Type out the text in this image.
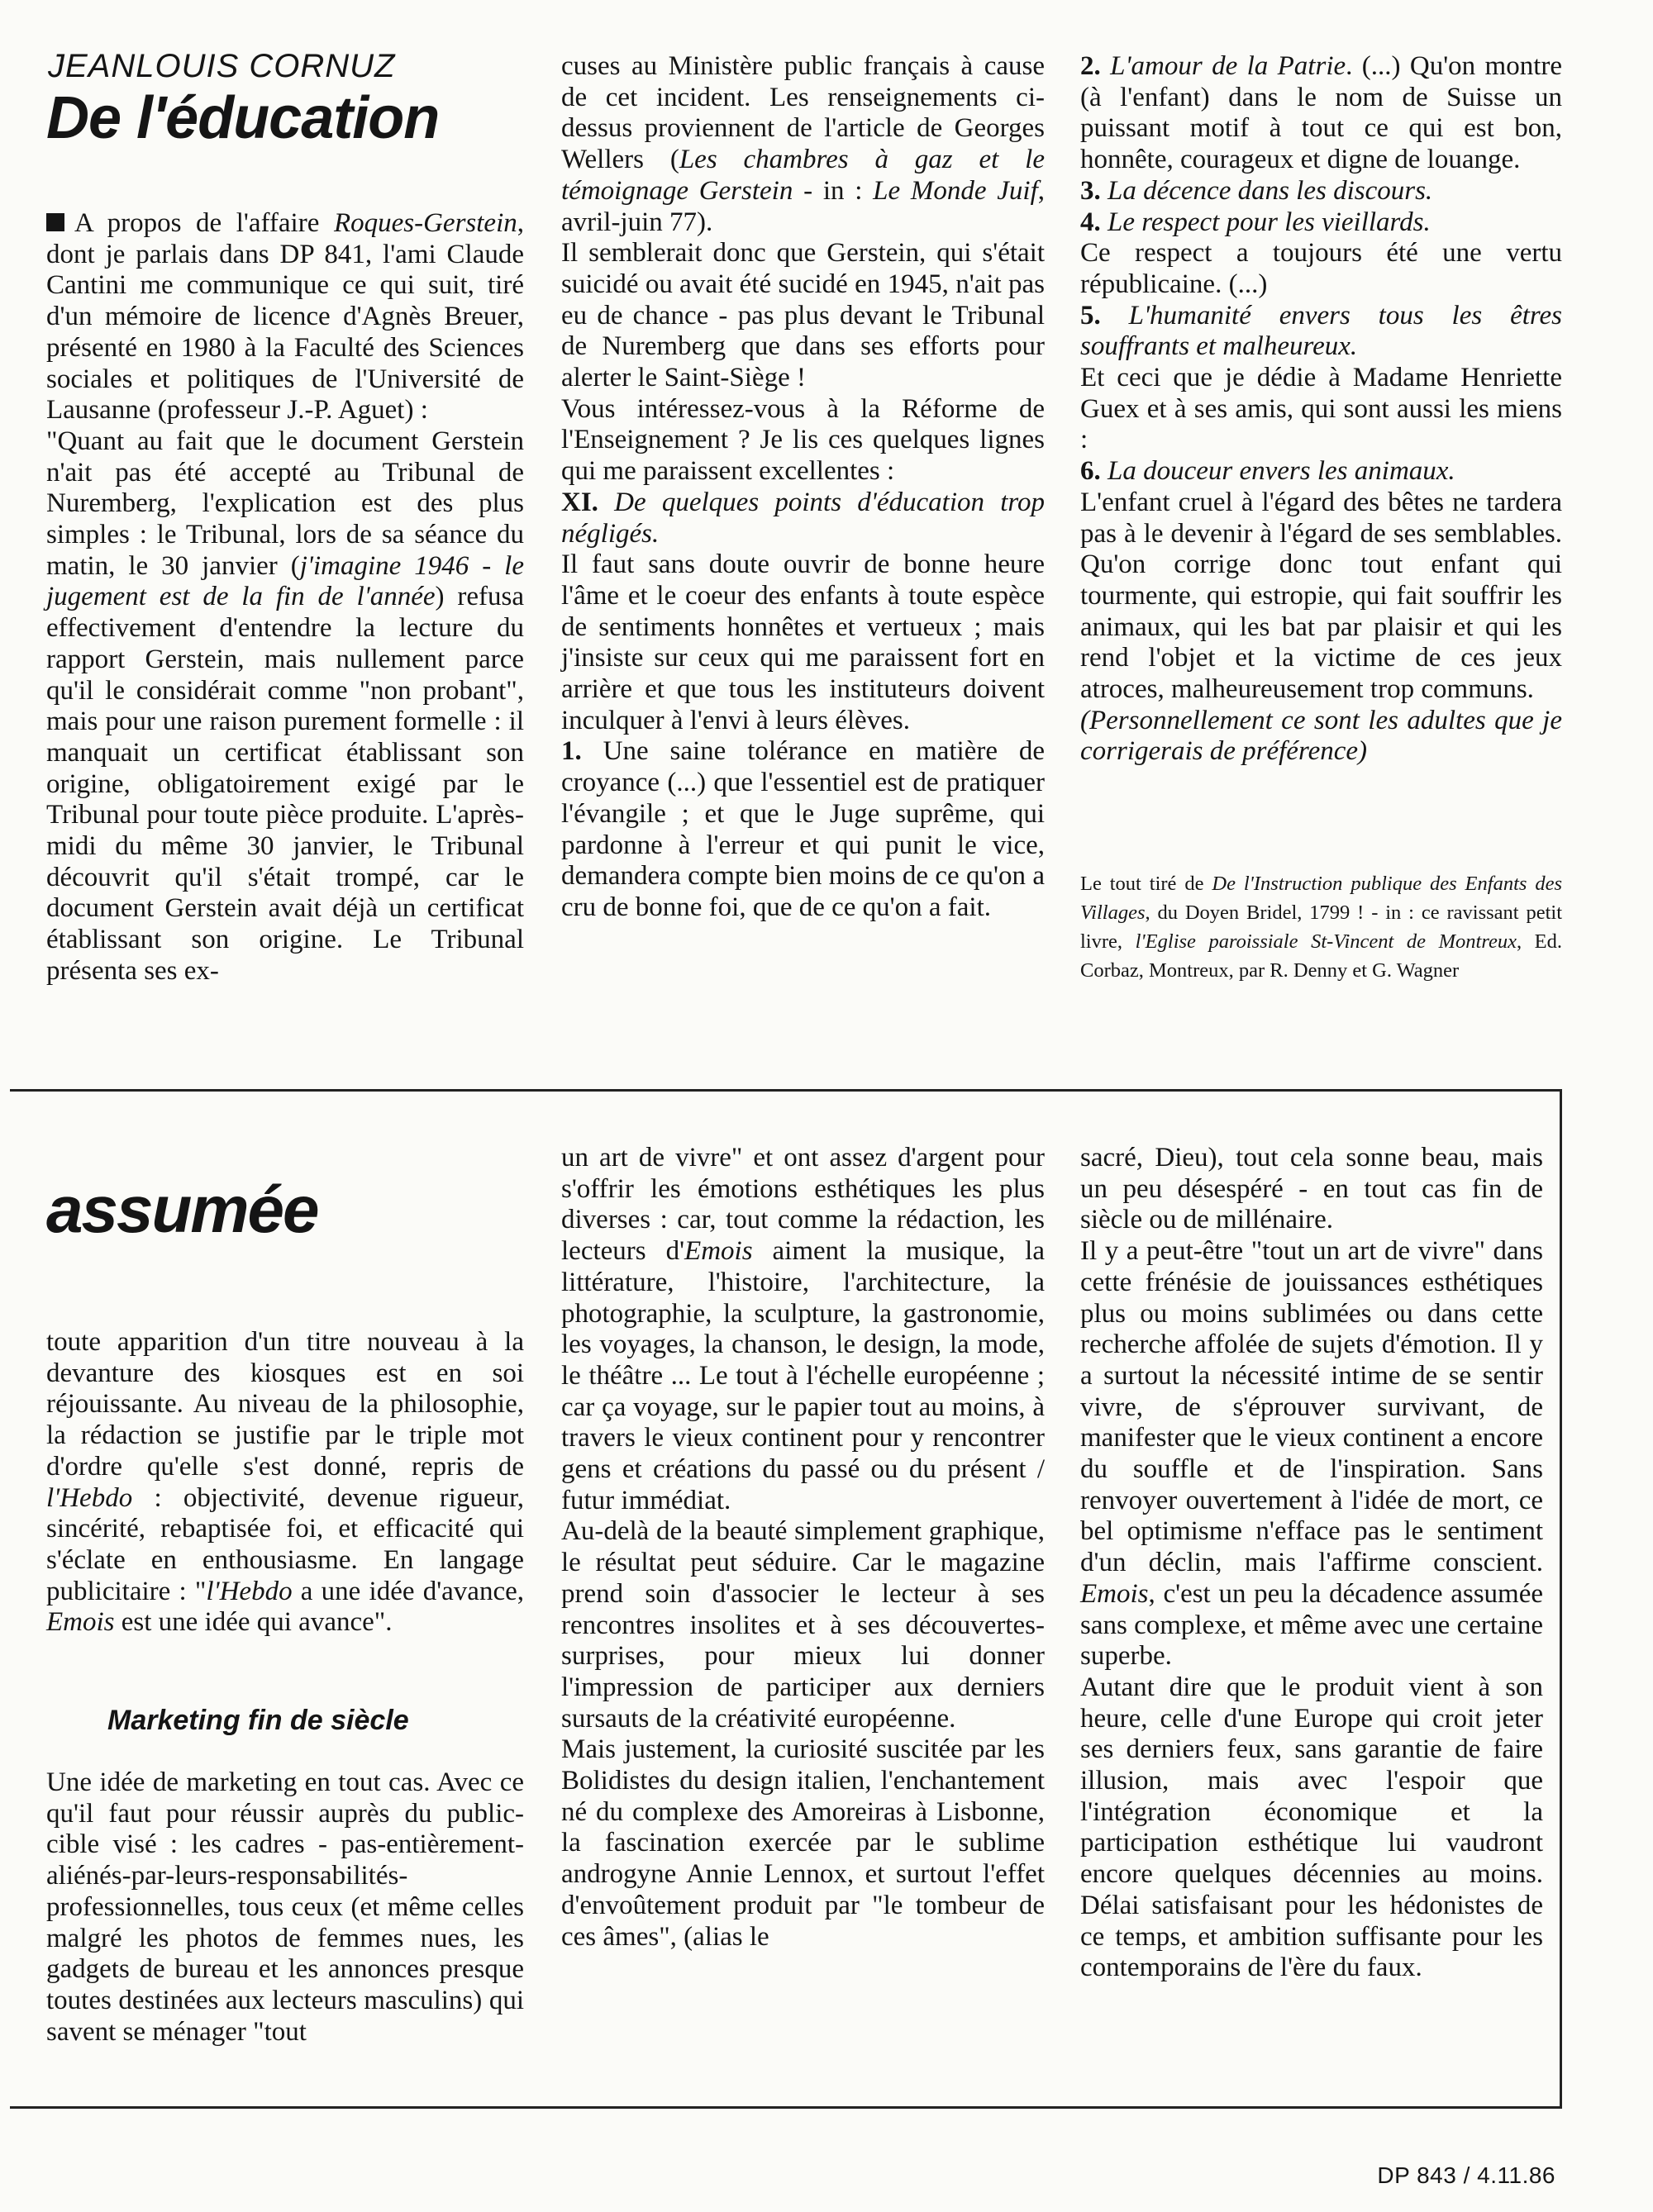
JEANLOUIS CORNUZ
De l'éducation

A propos de l'affaire Roques-Gerstein, dont je parlais dans DP 841, l'ami Claude Cantini me communique ce qui suit, tiré d'un mémoire de licence d'Agnès Breuer, présenté en 1980 à la Faculté des Sciences sociales et politiques de l'Université de Lausanne (professeur J.-P. Aguet) :

"Quant au fait que le document Gerstein n'ait pas été accepté au Tribunal de Nuremberg, l'explication est des plus simples : le Tribunal, lors de sa séance du matin, le 30 janvier (j'imagine 1946 - le jugement est de la fin de l'année) refusa effectivement d'entendre la lecture du rapport Gerstein, mais nullement parce qu'il le considérait comme "non probant", mais pour une raison purement formelle : il manquait un certificat établissant son origine, obligatoirement exigé par le Tribunal pour toute pièce produite. L'après-midi du même 30 janvier, le Tribunal découvrit qu'il s'était trompé, car le document Gerstein avait déjà un certificat établissant son origine. Le Tribunal présenta ses ex-

cuses au Ministère public français à cause de cet incident. Les renseignements ci-dessus proviennent de l'article de Georges Wellers (Les chambres à gaz et le témoignage Gerstein - in : Le Monde Juif, avril-juin 77).

Il semblerait donc que Gerstein, qui s'était suicidé ou avait été sucidé en 1945, n'ait pas eu de chance - pas plus devant le Tribunal de Nuremberg que dans ses efforts pour alerter le Saint-Siège !

Vous intéressez-vous à la Réforme de l'Enseignement ? Je lis ces quelques lignes qui me paraissent excellentes :

XI. De quelques points d'éducation trop négligés.

Il faut sans doute ouvrir de bonne heure l'âme et le coeur des enfants à toute espèce de sentiments honnêtes et vertueux ; mais j'insiste sur ceux qui me paraissent fort en arrière et que tous les instituteurs doivent inculquer à l'envi à leurs élèves.

1. Une saine tolérance en matière de croyance (...) que l'essentiel est de pratiquer l'évangile ; et que le Juge suprême, qui pardonne à l'erreur et qui punit le vice, demandera compte bien moins de ce qu'on a cru de bonne foi, que de ce qu'on a fait.

2. L'amour de la Patrie. (...) Qu'on montre (à l'enfant) dans le nom de Suisse un puissant motif à tout ce qui est bon, honnête, courageux et digne de louange.

3. La décence dans les discours.

4. Le respect pour les vieillards.

Ce respect a toujours été une vertu républicaine. (...)

5. L'humanité envers tous les êtres souffrants et malheureux.

Et ceci que je dédie à Madame Henriette Guex et à ses amis, qui sont aussi les miens :

6. La douceur envers les animaux.

L'enfant cruel à l'égard des bêtes ne tardera pas à le devenir à l'égard de ses semblables. Qu'on corrige donc tout enfant qui tourmente, qui estropie, qui fait souffrir les animaux, qui les bat par plaisir et qui les rend l'objet et la victime de ces jeux atroces, malheureusement trop communs.

(Personnellement ce sont les adultes que je corrigerais de préférence)

Le tout tiré de De l'Instruction publique des Enfants des Villages, du Doyen Bridel, 1799 ! - in : ce ravissant petit livre, l'Eglise paroissiale St-Vincent de Montreux, Ed. Corbaz, Montreux, par R. Denny et G. Wagner

assumée

toute apparition d'un titre nouveau à la devanture des kiosques est en soi réjouissante. Au niveau de la philosophie, la rédaction se justifie par le triple mot d'ordre qu'elle s'est donné, repris de l'Hebdo : objectivité, devenue rigueur, sincérité, rebaptisée foi, et efficacité qui s'éclate en enthousiasme. En langage publicitaire : "l'Hebdo a une idée d'avance, Emois est une idée qui avance".

Marketing fin de siècle

Une idée de marketing en tout cas. Avec ce qu'il faut pour réussir auprès du public-cible visé : les cadres - pas-entièrement-aliénés-par-leurs-responsabilités-professionnelles, tous ceux (et même celles malgré les photos de femmes nues, les gadgets de bureau et les annonces presque toutes destinées aux lecteurs masculins) qui savent se ménager "tout

un art de vivre" et ont assez d'argent pour s'offrir les émotions esthétiques les plus diverses : car, tout comme la rédaction, les lecteurs d'Emois aiment la musique, la littérature, l'histoire, l'architecture, la photographie, la sculpture, la gastronomie, les voyages, la chanson, le design, la mode, le théâtre ... Le tout à l'échelle européenne ; car ça voyage, sur le papier tout au moins, à travers le vieux continent pour y rencontrer gens et créations du passé ou du présent / futur immédiat.

Au-delà de la beauté simplement graphique, le résultat peut séduire. Car le magazine prend soin d'associer le lecteur à ses rencontres insolites et à ses découvertes-surprises, pour mieux lui donner l'impression de participer aux derniers sursauts de la créativité européenne.

Mais justement, la curiosité suscitée par les Bolidistes du design italien, l'enchantement né du complexe des Amoreiras à Lisbonne, la fascination exercée par le sublime androgyne Annie Lennox, et surtout l'effet d'envoûtement produit par "le tombeur de ces âmes", (alias le

sacré, Dieu), tout cela sonne beau, mais un peu désespéré - en tout cas fin de siècle ou de millénaire.

Il y a peut-être "tout un art de vivre" dans cette frénésie de jouissances esthétiques plus ou moins sublimées ou dans cette recherche affolée de sujets d'émotion. Il y a surtout la nécessité intime de se sentir vivre, de s'éprouver survivant, de manifester que le vieux continent a encore du souffle et de l'inspiration. Sans renvoyer ouvertement à l'idée de mort, ce bel optimisme n'efface pas le sentiment d'un déclin, mais l'affirme conscient. Emois, c'est un peu la décadence assumée sans complexe, et même avec une certaine superbe.

Autant dire que le produit vient à son heure, celle d'une Europe qui croit jeter ses derniers feux, sans garantie de faire illusion, mais avec l'espoir que l'intégration économique et la participation esthétique lui vaudront encore quelques décennies au moins. Délai satisfaisant pour les hédonistes de ce temps, et ambition suffisante pour les contemporains de l'ère du faux.

DP 843 / 4.11.86
